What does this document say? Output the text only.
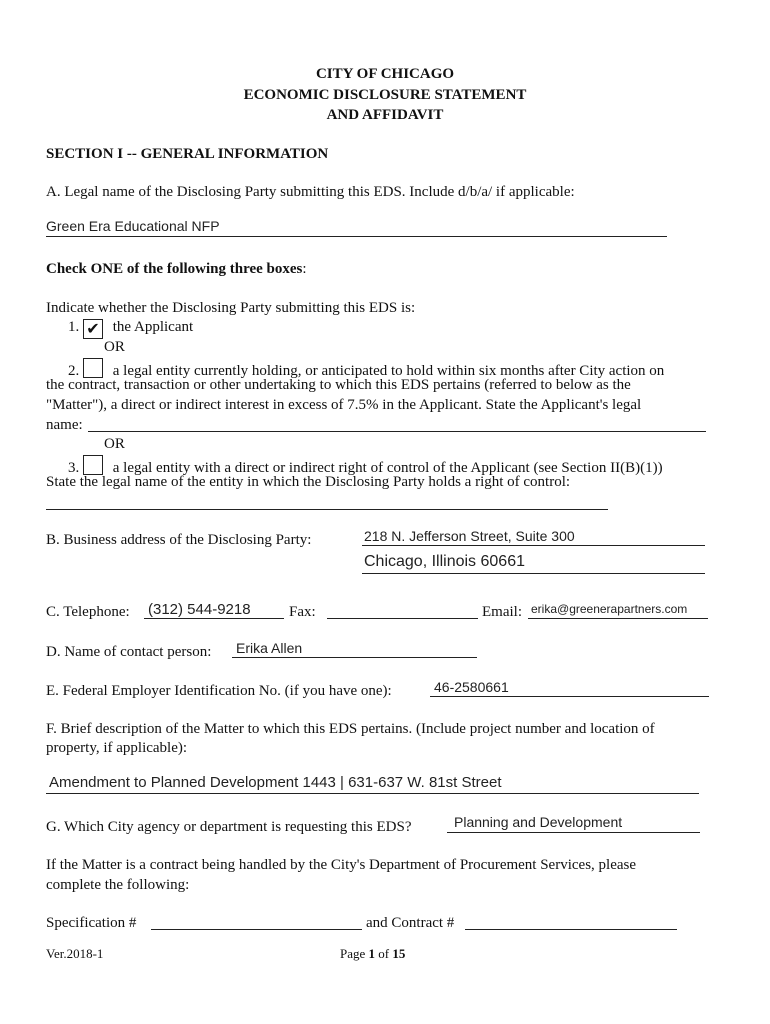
CITY OF CHICAGO
ECONOMIC DISCLOSURE STATEMENT
AND AFFIDAVIT
SECTION I -- GENERAL INFORMATION
A. Legal name of the Disclosing Party submitting this EDS. Include d/b/a/ if applicable:
Green Era Educational NFP
Check ONE of the following three boxes:
Indicate whether the Disclosing Party submitting this EDS is:
1. ✔ the Applicant
OR
2. a legal entity currently holding, or anticipated to hold within six months after City action on
the contract, transaction or other undertaking to which this EDS pertains (referred to below as the
"Matter"), a direct or indirect interest in excess of 7.5% in the Applicant. State the Applicant's legal
name:
OR
3. a legal entity with a direct or indirect right of control of the Applicant (see Section II(B)(1))
State the legal name of the entity in which the Disclosing Party holds a right of control:
B. Business address of the Disclosing Party:	218 N. Jefferson Street, Suite 300
Chicago, Illinois 60661
C. Telephone: (312) 544-9218	Fax:	Email: erika@greenerapartners.com
D. Name of contact person: Erika Allen
E. Federal Employer Identification No. (if you have one):	46-2580661
F. Brief description of the Matter to which this EDS pertains. (Include project number and location of
property, if applicable):
Amendment to Planned Development 1443 | 631-637 W. 81st Street
G. Which City agency or department is requesting this EDS?	Planning and Development
If the Matter is a contract being handled by the City's Department of Procurement Services, please
complete the following:
Specification #	and Contract #
Ver.2018-1	Page 1 of 15
